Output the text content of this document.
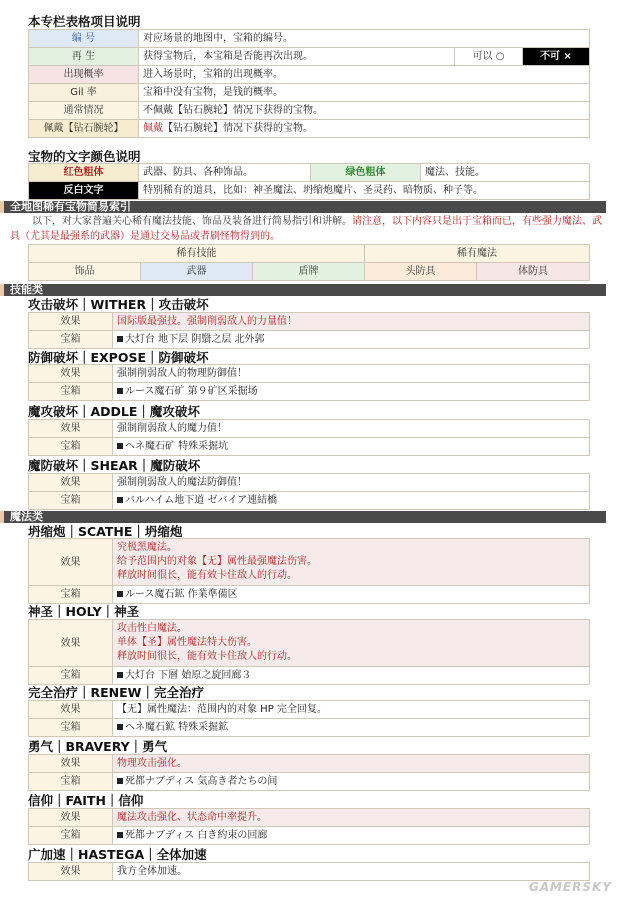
本专栏表格项目说明
编 号	对应场景的地图中，宝箱的编号。		
再 生	获得宝物后，本宝箱是否能再次出现。	可以 ○	不可 ×
出现概率	进入场景时，宝箱的出现概率。		
Gil 率	宝箱中没有宝物，是钱的概率。		
通常情况	不佩戴【钻石腕轮】情况下获得的宝物。		
佩戴【钻石腕轮】	佩戴【钻石腕轮】情况下获得的宝物。		
宝物的文字颜色说明
红色粗体	武器、防具、各种饰品。	绿色粗体	魔法、技能。
反白文字	特别稀有的道具，比如：神圣魔法、坍缩炮魔片、圣灵药、暗物质、种子等。		
全地图稀有宝物简易索引
以下，对大家普遍关心稀有魔法技能、饰品及装备进行简易指引和讲解。请注意，以下内容只是出于宝箱而已，有些强力魔法、武具（尤其是最强系的武器）是通过交易品或者刷怪物得到的。
稀有技能			稀有魔法	
饰品	武器	盾牌	头防具	体防具
技能类
攻击破坏｜WITHER｜攻击破坏
效果	国际版最强技。强制削弱敌人的力量值！
宝箱	大灯台 地下层 阴翳之层 北外郭
防御破坏｜EXPOSE｜防御破坏
效果	强制削弱敌人的物理防御值！
宝箱	ルース魔石矿 第９矿区采掘场
魔攻破坏｜ADDLE｜魔攻破坏
效果	强制削弱敌人的魔力值！
宝箱	ヘネ魔石矿 特殊采掘坑
魔防破坏｜SHEAR｜魔防破坏
效果	强制削弱敌人的魔法防御值！
宝箱	バルハイム地下道 ゼバイア連結橋
魔法类
坍缩炮｜SCATHE｜坍缩炮
效果	究极黑魔法。
给予范围内的对象【无】属性最强魔法伤害。
释放时间很长，能有效卡住敌人的行动。

宝箱	ルース魔石鉱 作業準備区
神圣｜HOLY｜神圣
效果	攻击性白魔法。
单体【圣】属性魔法特大伤害。
释放时间很长，能有效卡住敌人的行动。

宝箱	大灯台 下層 始原之旋回廊３
完全治疗｜RENEW｜完全治疗
效果	【无】属性魔法：范围内的对象 HP 完全回复。
宝箱	ヘネ魔石鉱 特殊采掘鉱
勇气｜BRAVERY｜勇气
效果	物理攻击强化。
宝箱	死都ナブディス 気高き者たちの间
信仰｜FAITH｜信仰
效果	魔法攻击强化、状态命中率提升。
宝箱	死都ナブディス 白き約束の回廊
广加速｜HASTEGA｜全体加速
效果	我方全体加速。
GAMERSKY
